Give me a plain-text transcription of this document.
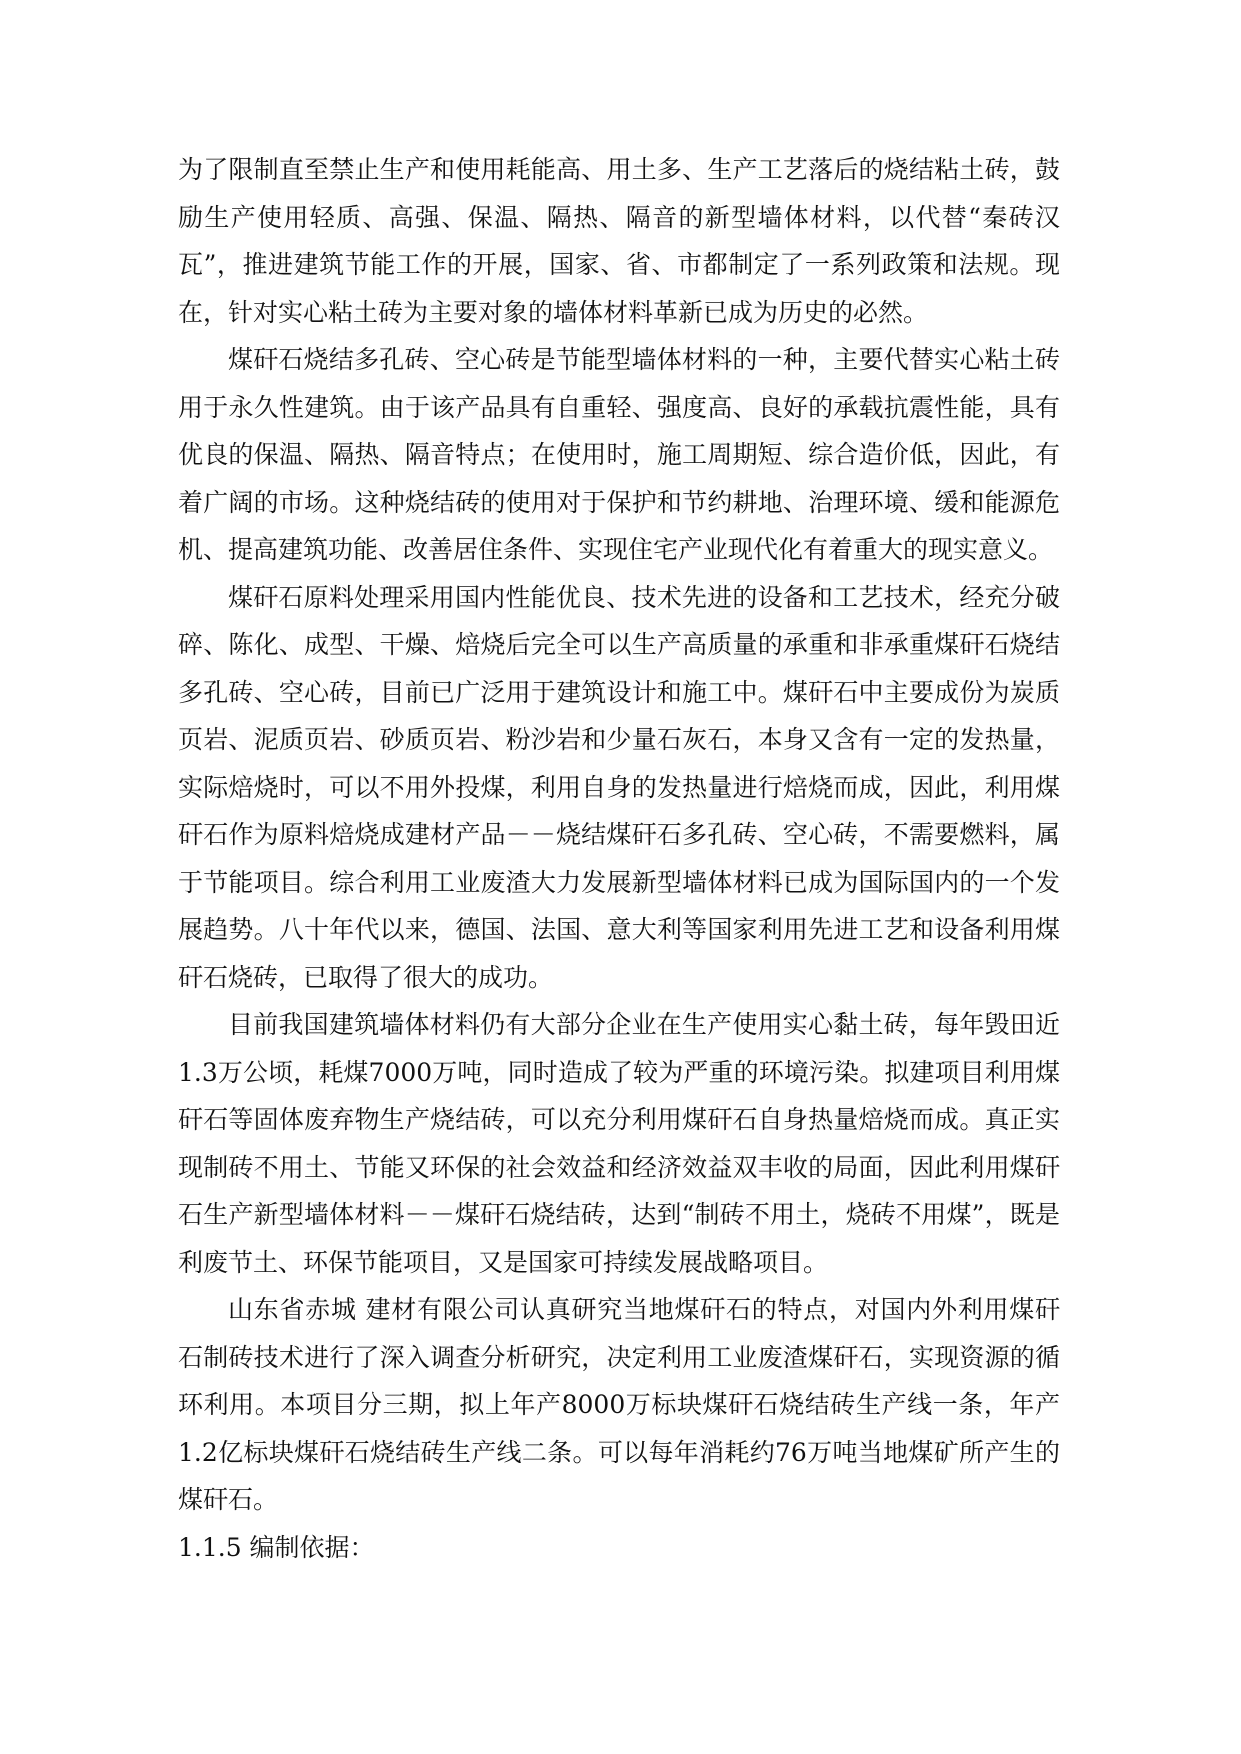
为了限制直至禁止生产和使用耗能高、用土多、生产工艺落后的烧结粘土砖，鼓励生产使用轻质、高强、保温、隔热、隔音的新型墙体材料，以代替“秦砖汉瓦”，推进建筑节能工作的开展，国家、省、市都制定了一系列政策和法规。现在，针对实心粘土砖为主要对象的墙体材料革新已成为历史的必然。

煤矸石烧结多孔砖、空心砖是节能型墙体材料的一种，主要代替实心粘土砖用于永久性建筑。由于该产品具有自重轻、强度高、良好的承载抗震性能，具有优良的保温、隔热、隔音特点；在使用时，施工周期短、综合造价低，因此，有着广阔的市场。这种烧结砖的使用对于保护和节约耕地、治理环境、缓和能源危机、提高建筑功能、改善居住条件、实现住宅产业现代化有着重大的现实意义。

煤矸石原料处理采用国内性能优良、技术先进的设备和工艺技术，经充分破碎、陈化、成型、干燥、焙烧后完全可以生产高质量的承重和非承重煤矸石烧结多孔砖、空心砖，目前已广泛用于建筑设计和施工中。煤矸石中主要成份为炭质页岩、泥质页岩、砂质页岩、粉沙岩和少量石灰石，本身又含有一定的发热量，实际焙烧时，可以不用外投煤，利用自身的发热量进行焙烧而成，因此，利用煤矸石作为原料焙烧成建材产品－－烧结煤矸石多孔砖、空心砖，不需要燃料，属于节能项目。综合利用工业废渣大力发展新型墙体材料已成为国际国内的一个发展趋势。八十年代以来，德国、法国、意大利等国家利用先进工艺和设备利用煤矸石烧砖，已取得了很大的成功。

目前我国建筑墙体材料仍有大部分企业在生产使用实心黏土砖，每年毁田近1.3万公顷，耗煤7000万吨，同时造成了较为严重的环境污染。拟建项目利用煤矸石等固体废弃物生产烧结砖，可以充分利用煤矸石自身热量焙烧而成。真正实现制砖不用土、节能又环保的社会效益和经济效益双丰收的局面，因此利用煤矸石生产新型墙体材料－－煤矸石烧结砖，达到“制砖不用土，烧砖不用煤”，既是利废节土、环保节能项目，又是国家可持续发展战略项目。

山东省赤城 建材有限公司认真研究当地煤矸石的特点，对国内外利用煤矸石制砖技术进行了深入调查分析研究，决定利用工业废渣煤矸石，实现资源的循环利用。本项目分三期，拟上年产8000万标块煤矸石烧结砖生产线一条，年产1.2亿标块煤矸石烧结砖生产线二条。可以每年消耗约76万吨当地煤矿所产生的煤矸石。

1.1.5 编制依据：
